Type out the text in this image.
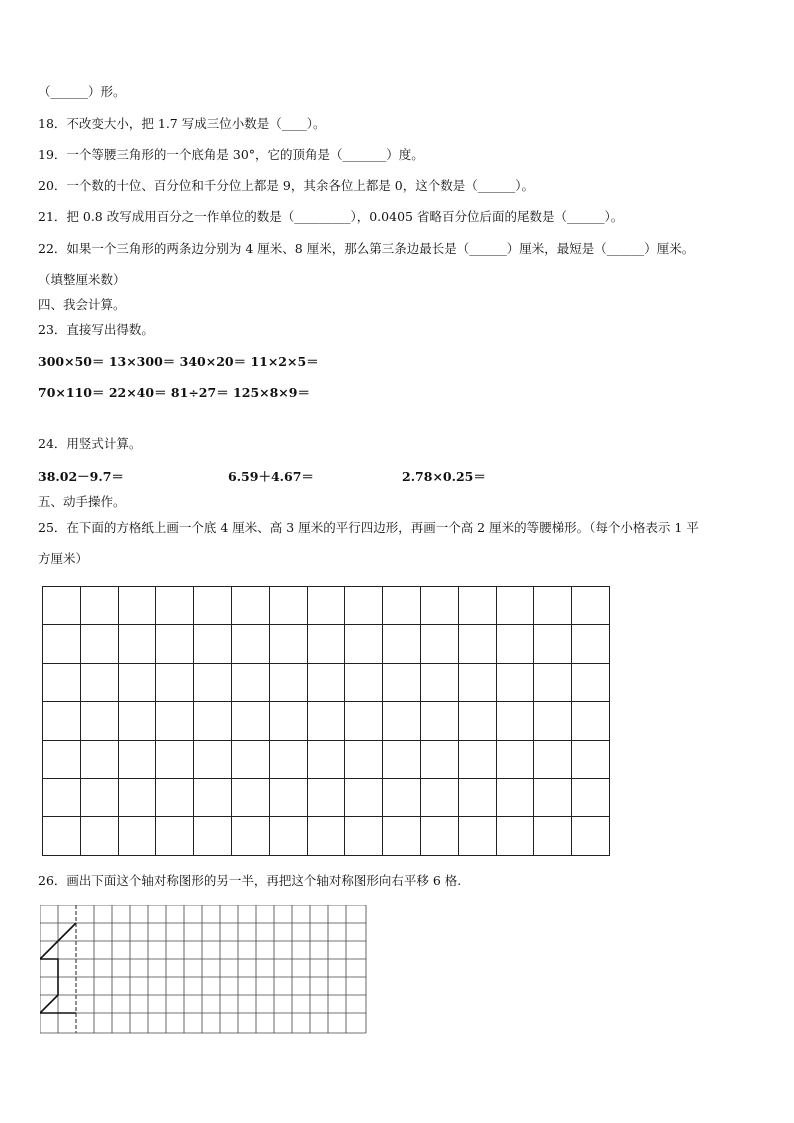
（______）形。
18．不改变大小，把 1.7 写成三位小数是（____）。
19．一个等腰三角形的一个底角是 30°，它的顶角是（_______）度。
20．一个数的十位、百分位和千分位上都是 9，其余各位上都是 0，这个数是（______）。
21．把 0.8 改写成用百分之一作单位的数是（_________），0.0405 省略百分位后面的尾数是（______）。
22．如果一个三角形的两条边分别为 4 厘米、8 厘米，那么第三条边最长是（______）厘米，最短是（______）厘米。
（填整厘米数）
四、我会计算。
23．直接写出得数。
300×50＝ 13×300＝ 340×20＝ 11×2×5＝
70×110＝ 22×40＝ 81÷27＝ 125×8×9＝
24．用竖式计算。
38.02－9.7＝	6.59＋4.67＝	2.78×0.25＝
五、动手操作。
25．在下面的方格纸上画一个底 4 厘米、高 3 厘米的平行四边形，再画一个高 2 厘米的等腰梯形。（每个小格表示 1 平
方厘米）
26．画出下面这个轴对称图形的另一半，再把这个轴对称图形向右平移 6 格.
